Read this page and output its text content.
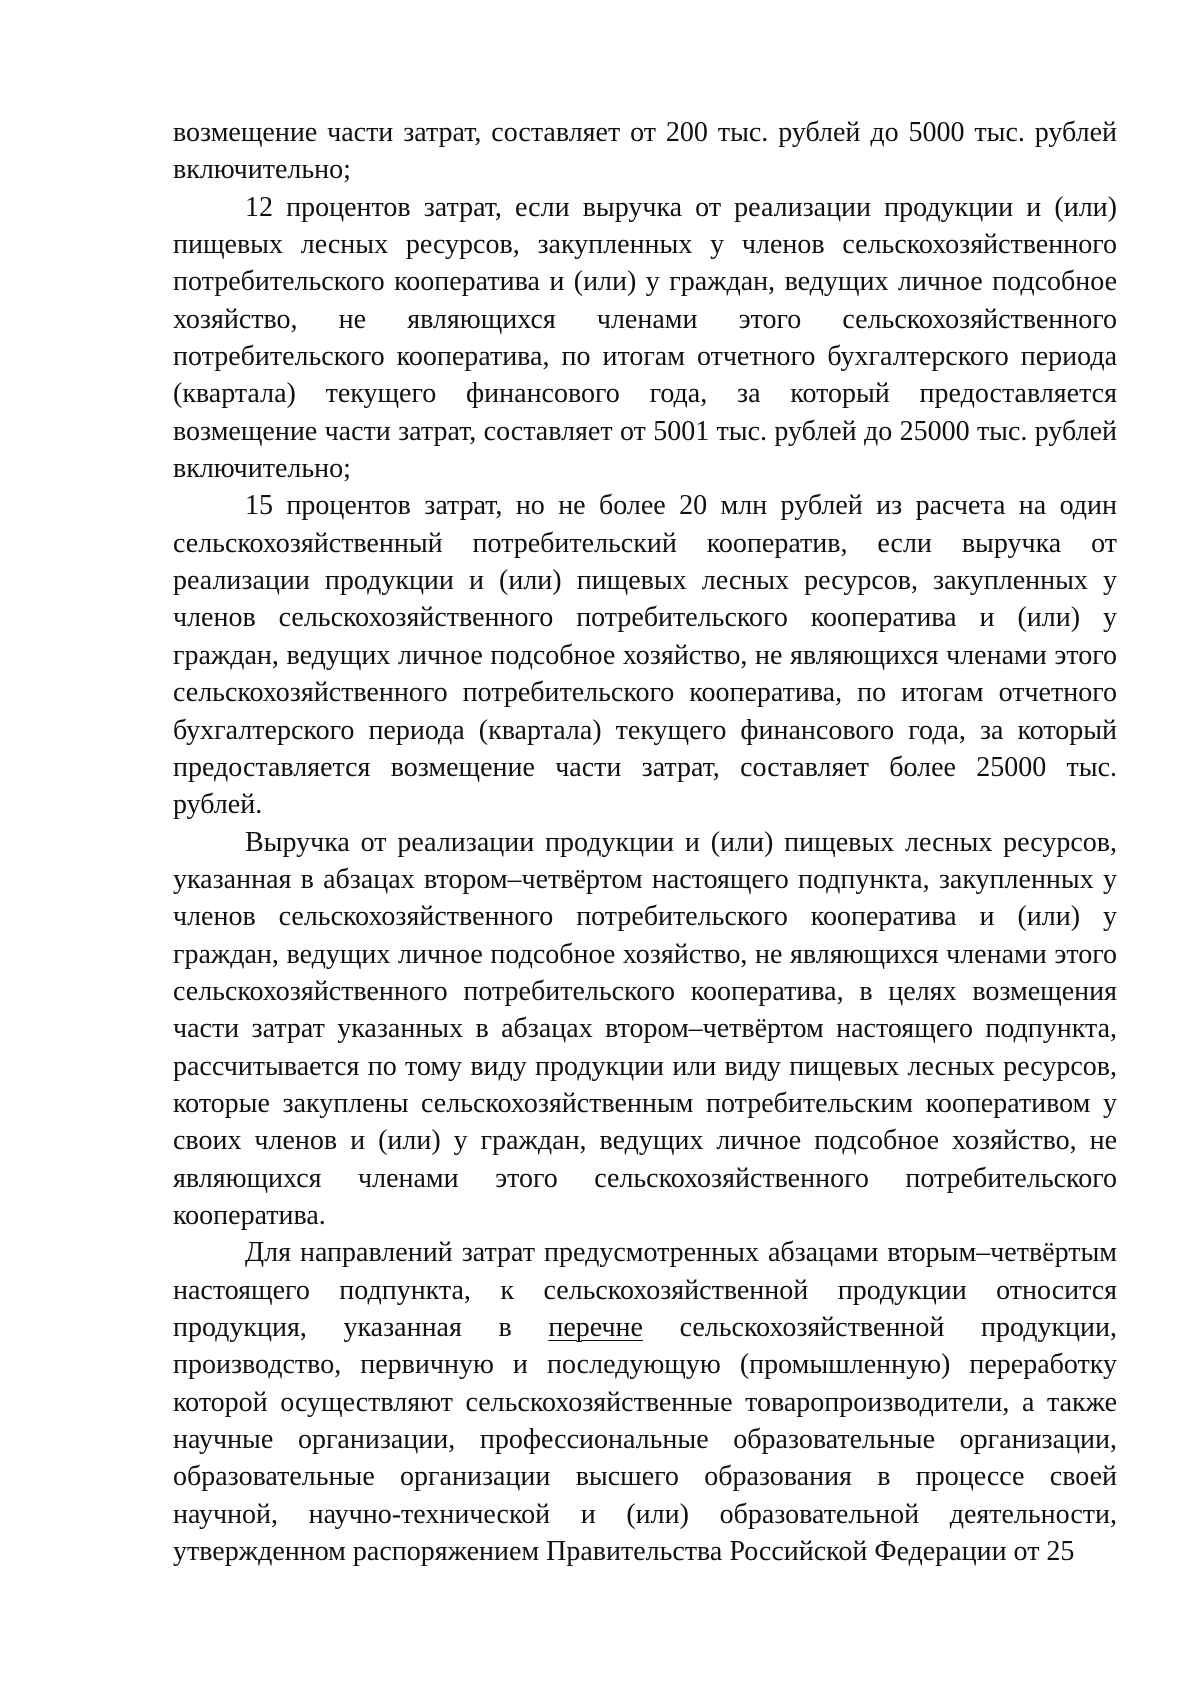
возмещение части затрат, составляет от 200 тыс. рублей до 5000 тыс. рублей включительно;

12 процентов затрат, если выручка от реализации продукции и (или) пищевых лесных ресурсов, закупленных у членов сельскохозяйственного потребительского кооператива и (или) у граждан, ведущих личное подсобное хозяйство, не являющихся членами этого сельскохозяйственного потребительского кооператива, по итогам отчетного бухгалтерского периода (квартала) текущего финансового года, за который предоставляется возмещение части затрат, составляет от 5001 тыс. рублей до 25000 тыс. рублей включительно;

15 процентов затрат, но не более 20 млн рублей из расчета на один сельскохозяйственный потребительский кооператив, если выручка от реализации продукции и (или) пищевых лесных ресурсов, закупленных у членов сельскохозяйственного потребительского кооператива и (или) у граждан, ведущих личное подсобное хозяйство, не являющихся членами этого сельскохозяйственного потребительского кооператива, по итогам отчетного бухгалтерского периода (квартала) текущего финансового года, за который предоставляется возмещение части затрат, составляет более 25000 тыс. рублей.

Выручка от реализации продукции и (или) пищевых лесных ресурсов, указанная в абзацах втором–четвёртом настоящего подпункта, закупленных у членов сельскохозяйственного потребительского кооператива и (или) у граждан, ведущих личное подсобное хозяйство, не являющихся членами этого сельскохозяйственного потребительского кооператива, в целях возмещения части затрат указанных в абзацах втором–четвёртом настоящего подпункта, рассчитывается по тому виду продукции или виду пищевых лесных ресурсов, которые закуплены сельскохозяйственным потребительским кооперативом у своих членов и (или) у граждан, ведущих личное подсобное хозяйство, не являющихся членами этого сельскохозяйственного потребительского кооператива.

Для направлений затрат предусмотренных абзацами вторым–четвёртым настоящего подпункта, к сельскохозяйственной продукции относится продукция, указанная в перечне сельскохозяйственной продукции, производство, первичную и последующую (промышленную) переработку которой осуществляют сельскохозяйственные товаропроизводители, а также научные организации, профессиональные образовательные организации, образовательные организации высшего образования в процессе своей научной, научно-технической и (или) образовательной деятельности, утвержденном распоряжением Правительства Российской Федерации от 25
